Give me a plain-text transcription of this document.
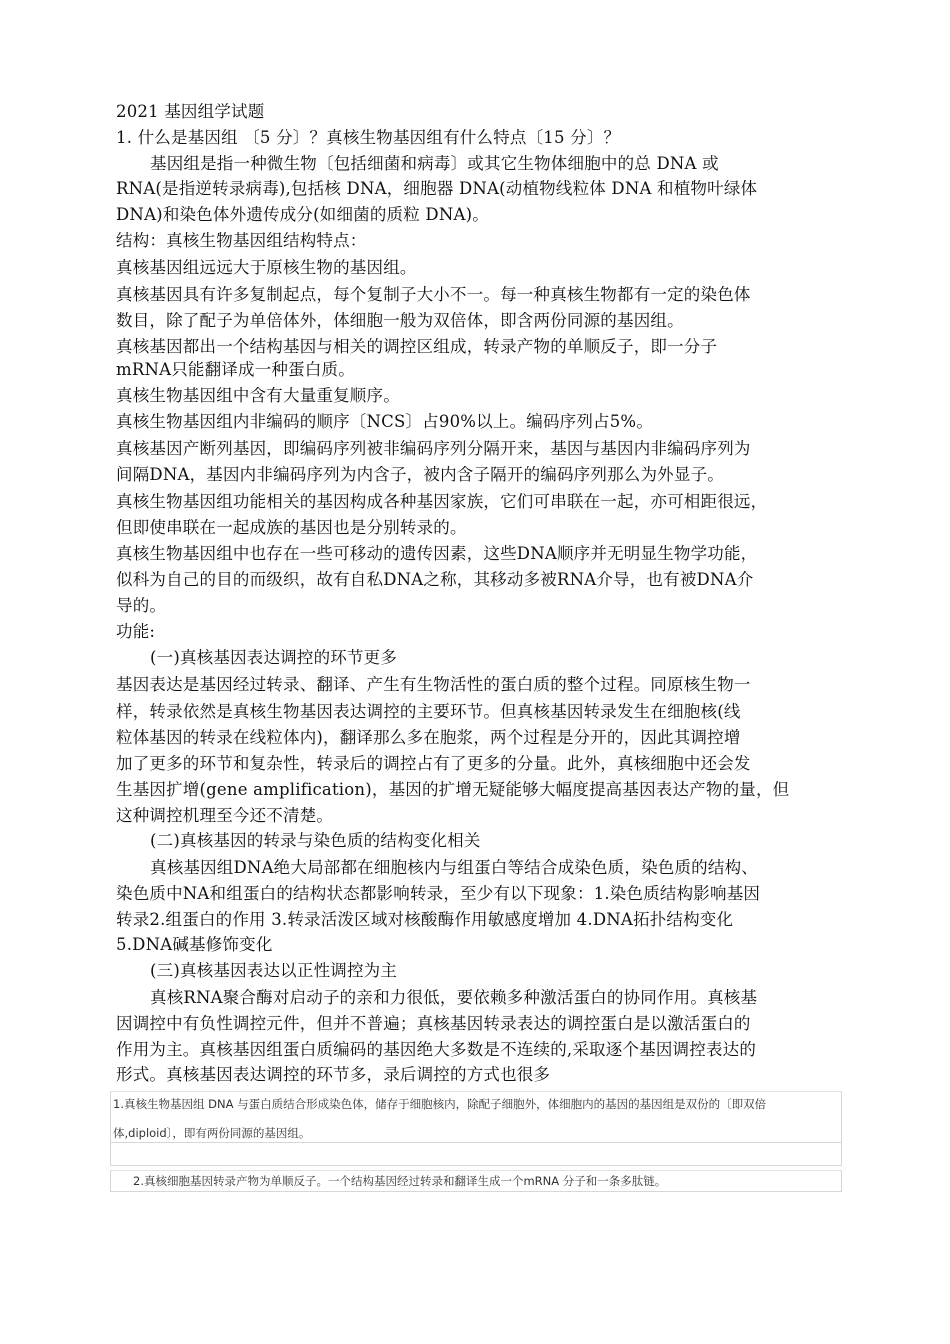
2021 基因组学试题
1. 什么是基因组 〔5 分〕？真核生物基因组有什么特点〔15 分〕？
基因组是指一种微生物〔包括细菌和病毒〕或其它生物体细胞中的总 DNA 或
RNA(是指逆转录病毒),包括核 DNA，细胞器 DNA(动植物线粒体 DNA 和植物叶绿体
DNA)和染色体外遗传成分(如细菌的质粒 DNA)。
结构：真核生物基因组结构特点：
真核基因组远远大于原核生物的基因组。
真核基因具有许多复制起点，每个复制子大小不一。每一种真核生物都有一定的染色体
数目，除了配子为单倍体外，体细胞一般为双倍体，即含两份同源的基因组。
真核基因都出一个结构基因与相关的调控区组成，转录产物的单顺反子，即一分子
mRNA只能翻译成一种蛋白质。
真核生物基因组中含有大量重复顺序。
真核生物基因组内非编码的顺序〔NCS〕占90%以上。编码序列占5%。
真核基因产断列基因，即编码序列被非编码序列分隔开来，基因与基因内非编码序列为
间隔DNA，基因内非编码序列为内含子，被内含子隔开的编码序列那么为外显子。
真核生物基因组功能相关的基因构成各种基因家族，它们可串联在一起，亦可相距很远，
但即使串联在一起成族的基因也是分别转录的。
真核生物基因组中也存在一些可移动的遗传因素，这些DNA顺序并无明显生物学功能，
似科为自己的目的而级织，故有自私DNA之称，其移动多被RNA介导，也有被DNA介
导的。
功能:
(一)真核基因表达调控的环节更多
基因表达是基因经过转录、翻译、产生有生物活性的蛋白质的整个过程。同原核生物一
样，转录依然是真核生物基因表达调控的主要环节。但真核基因转录发生在细胞核(线
粒体基因的转录在线粒体内)，翻译那么多在胞浆，两个过程是分开的，因此其调控增
加了更多的环节和复杂性，转录后的调控占有了更多的分量。此外，真核细胞中还会发
生基因扩增(gene amplification)，基因的扩增无疑能够大幅度提高基因表达产物的量，但
这种调控机理至今还不清楚。
(二)真核基因的转录与染色质的结构变化相关
真核基因组DNA绝大局部都在细胞核内与组蛋白等结合成染色质，染色质的结构、
染色质中NA和组蛋白的结构状态都影响转录，至少有以下现象：1.染色质结构影响基因
转录2.组蛋白的作用 3.转录活泼区域对核酸酶作用敏感度增加 4.DNA拓扑结构变化
5.DNA碱基修饰变化
(三)真核基因表达以正性调控为主
真核RNA聚合酶对启动子的亲和力很低，要依赖多种激活蛋白的协同作用。真核基
因调控中有负性调控元件，但并不普遍；真核基因转录表达的调控蛋白是以激活蛋白的
作用为主。真核基因组蛋白质编码的基因绝大多数是不连续的,采取逐个基因调控表达的
形式。真核基因表达调控的环节多，录后调控的方式也很多
1.真核生物基因组 DNA 与蛋白质结合形成染色体，储存于细胞核内，除配子细胞外，体细胞内的基因的基因组是双份的〔即双倍
体,diploid〕，即有两份同源的基因组。
2.真核细胞基因转录产物为单顺反子。一个结构基因经过转录和翻译生成一个mRNA 分子和一条多肽链。
